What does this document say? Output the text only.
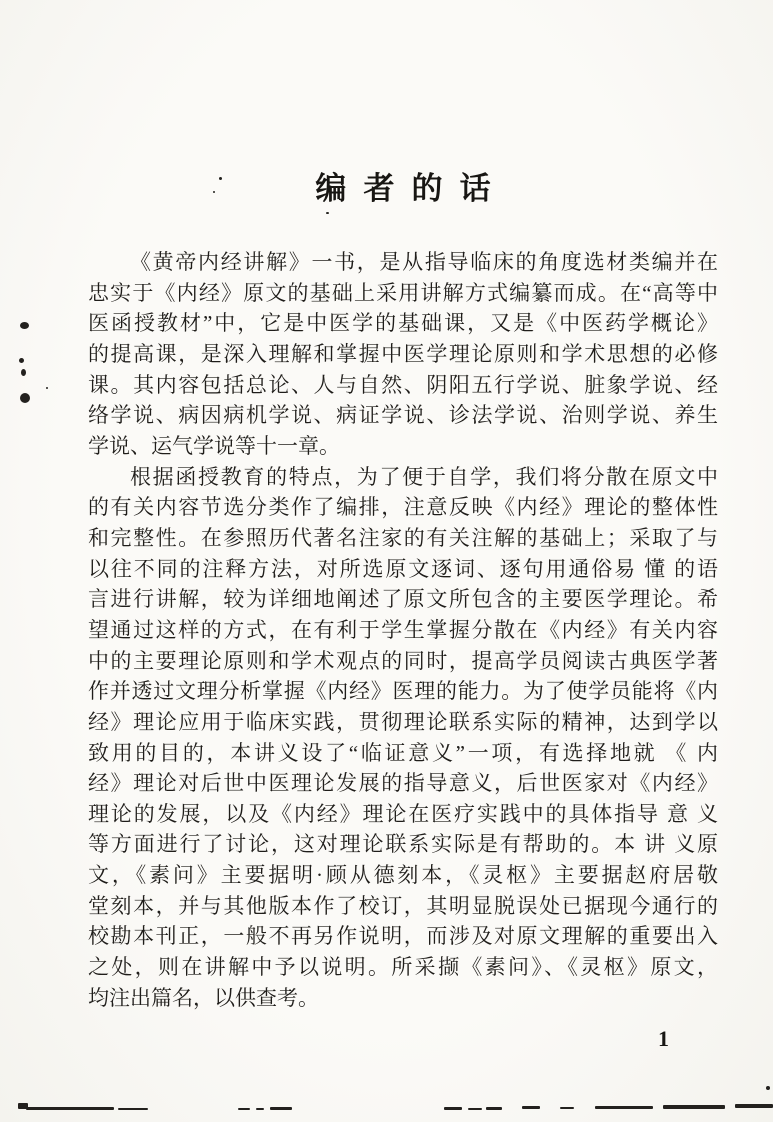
编者的话
《黄帝内经讲解》一书，是从指导临床的角度选材类编并在
忠实于《内经》原文的基础上采用讲解方式编纂而成。在“高等中
医函授教材”中，它是中医学的基础课，又是《中医药学概论》
的提高课，是深入理解和掌握中医学理论原则和学术思想的必修
课。其内容包括总论、人与自然、阴阳五行学说、脏象学说、经
络学说、病因病机学说、病证学说、诊法学说、治则学说、养生
学说、运气学说等十一章。
根据函授教育的特点，为了便于自学，我们将分散在原文中
的有关内容节选分类作了编排，注意反映《内经》理论的整体性
和完整性。在参照历代著名注家的有关注解的基础上；采取了与
以往不同的注释方法，对所选原文逐词、逐句用通俗易 懂 的语
言进行讲解，较为详细地阐述了原文所包含的主要医学理论。希
望通过这样的方式，在有利于学生掌握分散在《内经》有关内容
中的主要理论原则和学术观点的同时，提高学员阅读古典医学著
作并透过文理分析掌握《内经》医理的能力。为了使学员能将《内
经》理论应用于临床实践，贯彻理论联系实际的精神，达到学以
致用的目的，本讲义设了“临证意义”一项，有选择地就 《 内
经》理论对后世中医理论发展的指导意义，后世医家对《内经》
理论的发展，以及《内经》理论在医疗实践中的具体指导 意 义
等方面进行了讨论，这对理论联系实际是有帮助的。本 讲 义原
文，《素问》主要据明·顾从德刻本，《灵枢》主要据赵府居敬
堂刻本，并与其他版本作了校订，其明显脱误处已据现今通行的
校勘本刊正，一般不再另作说明，而涉及对原文理解的重要出入
之处，则在讲解中予以说明。所采撷《素问》、《灵枢》原文，
均注出篇名，以供查考。
1
